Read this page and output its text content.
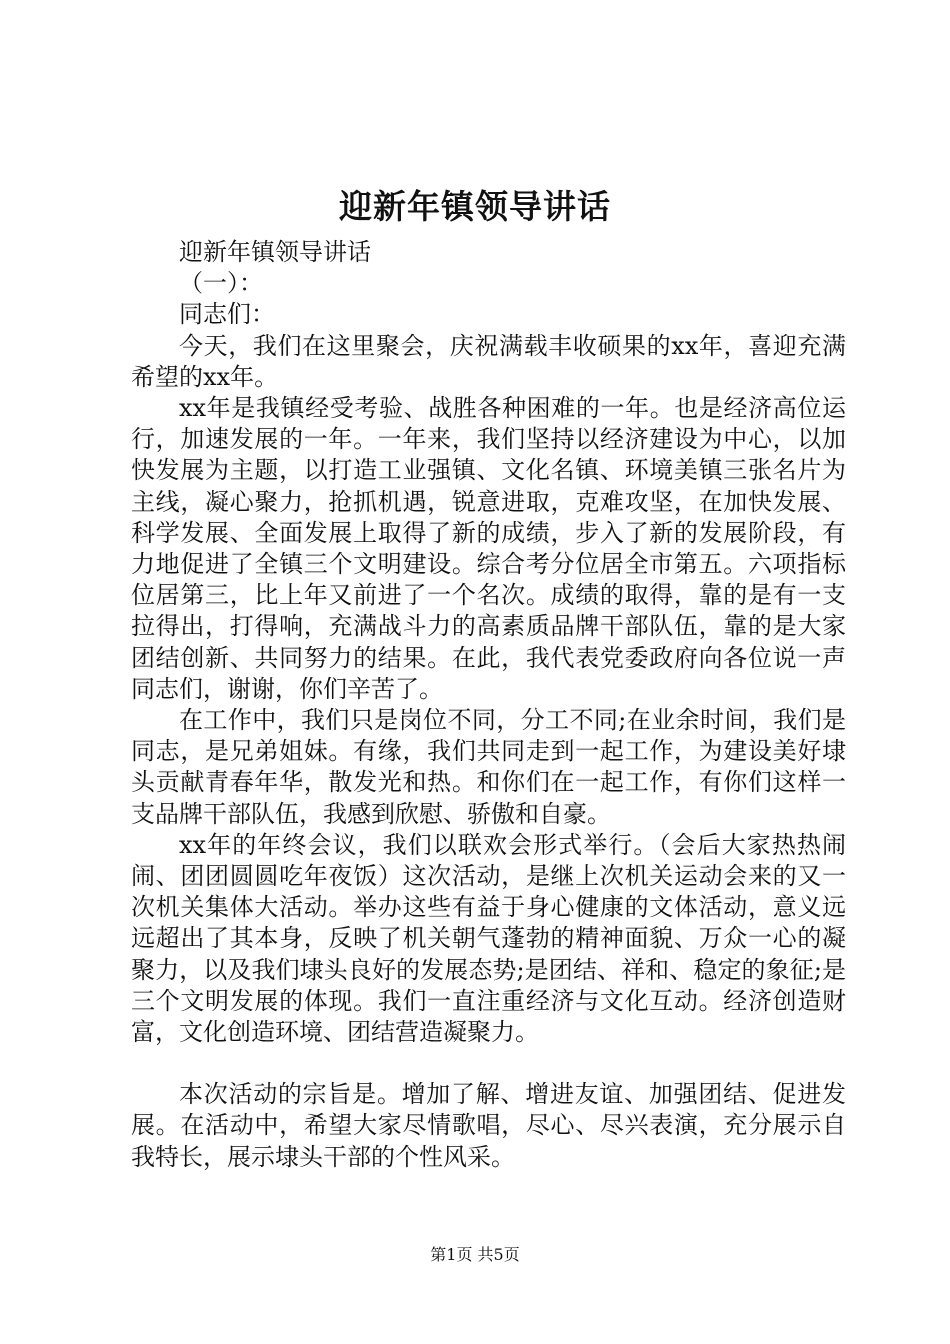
迎新年镇领导讲话

迎新年镇领导讲话

（一）：

同志们：

今天，我们在这里聚会，庆祝满载丰收硕果的xx年，喜迎充满希望的xx年。

xx年是我镇经受考验、战胜各种困难的一年。也是经济高位运行，加速发展的一年。一年来，我们坚持以经济建设为中心，以加快发展为主题，以打造工业强镇、文化名镇、环境美镇三张名片为主线，凝心聚力，抢抓机遇，锐意进取，克难攻坚，在加快发展、科学发展、全面发展上取得了新的成绩，步入了新的发展阶段，有力地促进了全镇三个文明建设。综合考分位居全市第五。六项指标位居第三，比上年又前进了一个名次。成绩的取得，靠的是有一支拉得出，打得响，充满战斗力的高素质品牌干部队伍，靠的是大家团结创新、共同努力的结果。在此，我代表党委政府向各位说一声同志们，谢谢，你们辛苦了。

在工作中，我们只是岗位不同，分工不同;在业余时间，我们是同志，是兄弟姐妹。有缘，我们共同走到一起工作，为建设美好埭头贡献青春年华，散发光和热。和你们在一起工作，有你们这样一支品牌干部队伍，我感到欣慰、骄傲和自豪。

xx年的年终会议，我们以联欢会形式举行。（会后大家热热闹闹、团团圆圆吃年夜饭）这次活动，是继上次机关运动会来的又一次机关集体大活动。举办这些有益于身心健康的文体活动，意义远远超出了其本身，反映了机关朝气蓬勃的精神面貌、万众一心的凝聚力，以及我们埭头良好的发展态势;是团结、祥和、稳定的象征;是三个文明发展的体现。我们一直注重经济与文化互动。经济创造财富，文化创造环境、团结营造凝聚力。

本次活动的宗旨是。增加了解、增进友谊、加强团结、促进发展。在活动中，希望大家尽情歌唱，尽心、尽兴表演，充分展示自我特长，展示埭头干部的个性风采。

第1页 共5页
